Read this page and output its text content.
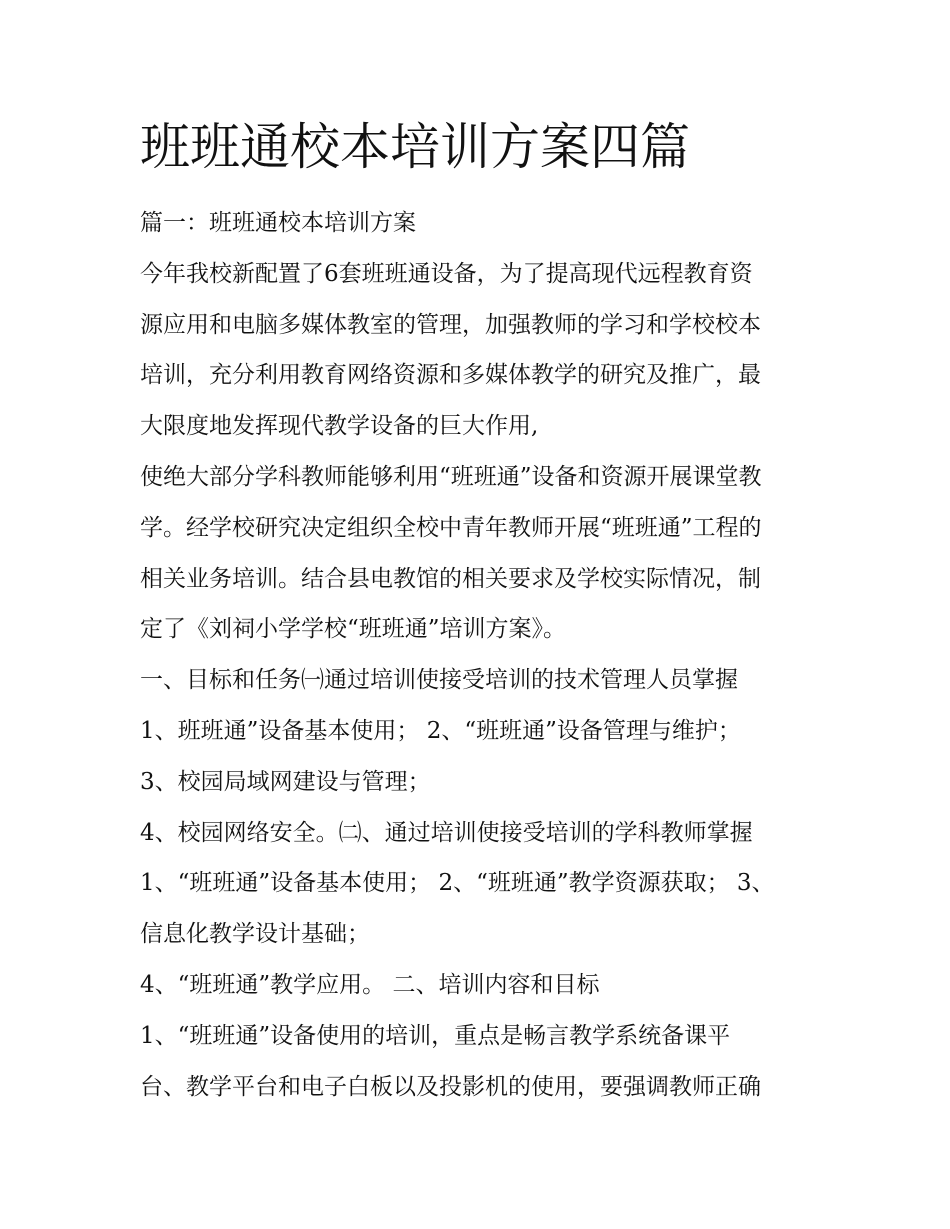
班班通校本培训方案四篇
篇一：班班通校本培训方案
今年我校新配置了6套班班通设备，为了提高现代远程教育资
源应用和电脑多媒体教室的管理，加强教师的学习和学校校本
培训，充分利用教育网络资源和多媒体教学的研究及推广，最
大限度地发挥现代教学设备的巨大作用,
使绝大部分学科教师能够利用“班班通”设备和资源开展课堂教
学。经学校研究决定组织全校中青年教师开展“班班通”工程的
相关业务培训。结合县电教馆的相关要求及学校实际情况，制
定了《刘祠小学学校“班班通”培训方案》。
一、目标和任务㈠通过培训使接受培训的技术管理人员掌握
1、班班通”设备基本使用； 2、“班班通”设备管理与维护；
3、校园局域网建设与管理；
4、校园网络安全。㈡、通过培训使接受培训的学科教师掌握
1、“班班通”设备基本使用； 2、“班班通”教学资源获取； 3、
信息化教学设计基础；
4、“班班通”教学应用。 二、培训内容和目标
1、“班班通”设备使用的培训，重点是畅言教学系统备课平
台、教学平台和电子白板以及投影机的使用，要强调教师正确
